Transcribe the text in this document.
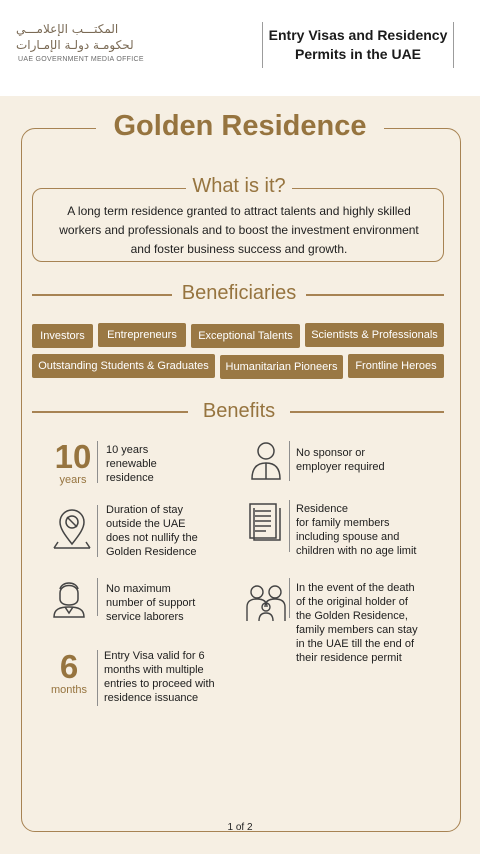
المكتـــب الإعلامـــي
لحكومـة دولـة الإمـارات
UAE GOVERNMENT MEDIA OFFICE
Entry Visas and Residency
Permits in the UAE
Golden Residence
What is it?
A long term residence granted to attract talents and highly skilled
workers and professionals and to boost the investment environment
and foster business success and growth.
Beneficiaries
Investors	Entrepreneurs	Exceptional Talents	Scientists & Professionals
Outstanding Students & Graduates	Humanitarian Pioneers	Frontline Heroes
Benefits
10
years
10 years
renewable
residence
No sponsor or
employer required
Duration of stay
outside the UAE
does not nullify the
Golden Residence
Residence
for family members
including spouse and
children with no age limit
No maximum
number of support
service laborers
In the event of the death
of the original holder of
the Golden Residence,
family members can stay
in the UAE till the end of
their residence permit
6
months
Entry Visa valid for 6
months with multiple
entries to proceed with
residence issuance
1 of 2
